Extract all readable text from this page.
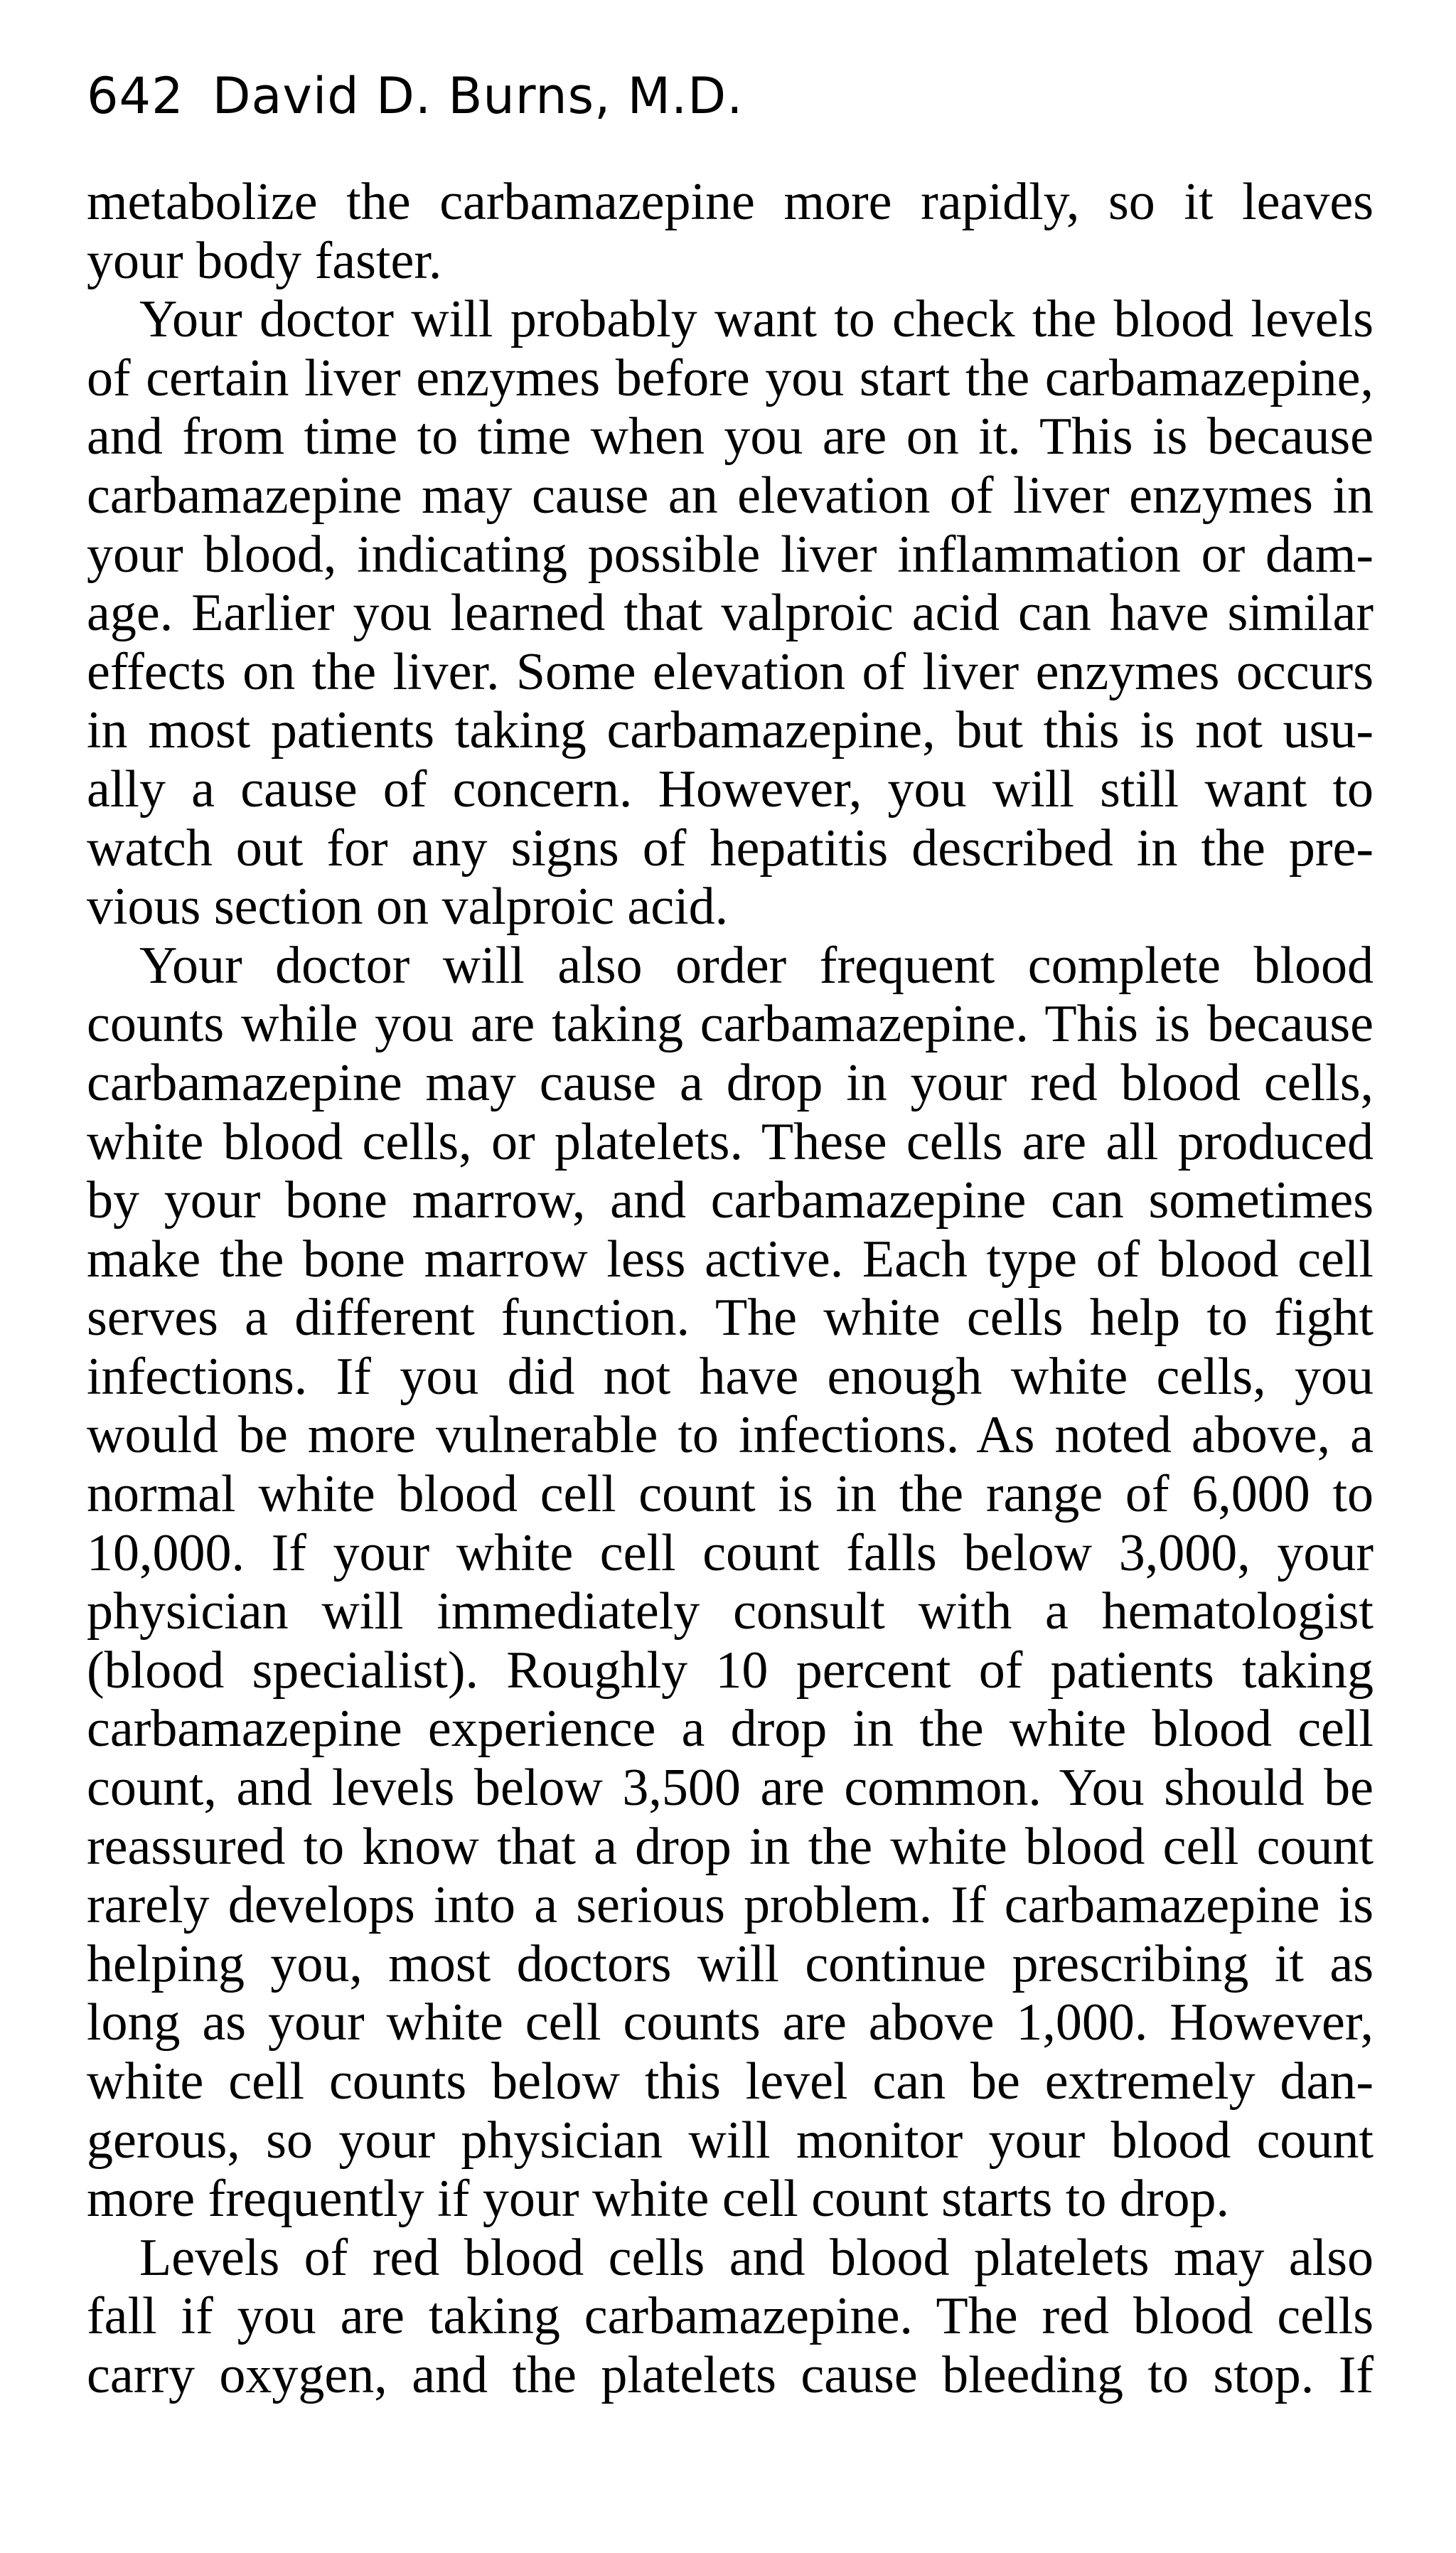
642 David D. Burns, M.D.
metabolize the carbamazepine more rapidly, so it leaves
your body faster.
Your doctor will probably want to check the blood levels
of certain liver enzymes before you start the carbamazepine,
and from time to time when you are on it. This is because
carbamazepine may cause an elevation of liver enzymes in
your blood, indicating possible liver inflammation or dam-
age. Earlier you learned that valproic acid can have similar
effects on the liver. Some elevation of liver enzymes occurs
in most patients taking carbamazepine, but this is not usu-
ally a cause of concern. However, you will still want to
watch out for any signs of hepatitis described in the pre-
vious section on valproic acid.
Your doctor will also order frequent complete blood
counts while you are taking carbamazepine. This is because
carbamazepine may cause a drop in your red blood cells,
white blood cells, or platelets. These cells are all produced
by your bone marrow, and carbamazepine can sometimes
make the bone marrow less active. Each type of blood cell
serves a different function. The white cells help to fight
infections. If you did not have enough white cells, you
would be more vulnerable to infections. As noted above, a
normal white blood cell count is in the range of 6,000 to
10,000. If your white cell count falls below 3,000, your
physician will immediately consult with a hematologist
(blood specialist). Roughly 10 percent of patients taking
carbamazepine experience a drop in the white blood cell
count, and levels below 3,500 are common. You should be
reassured to know that a drop in the white blood cell count
rarely develops into a serious problem. If carbamazepine is
helping you, most doctors will continue prescribing it as
long as your white cell counts are above 1,000. However,
white cell counts below this level can be extremely dan-
gerous, so your physician will monitor your blood count
more frequently if your white cell count starts to drop.
Levels of red blood cells and blood platelets may also
fall if you are taking carbamazepine. The red blood cells
carry oxygen, and the platelets cause bleeding to stop. If
